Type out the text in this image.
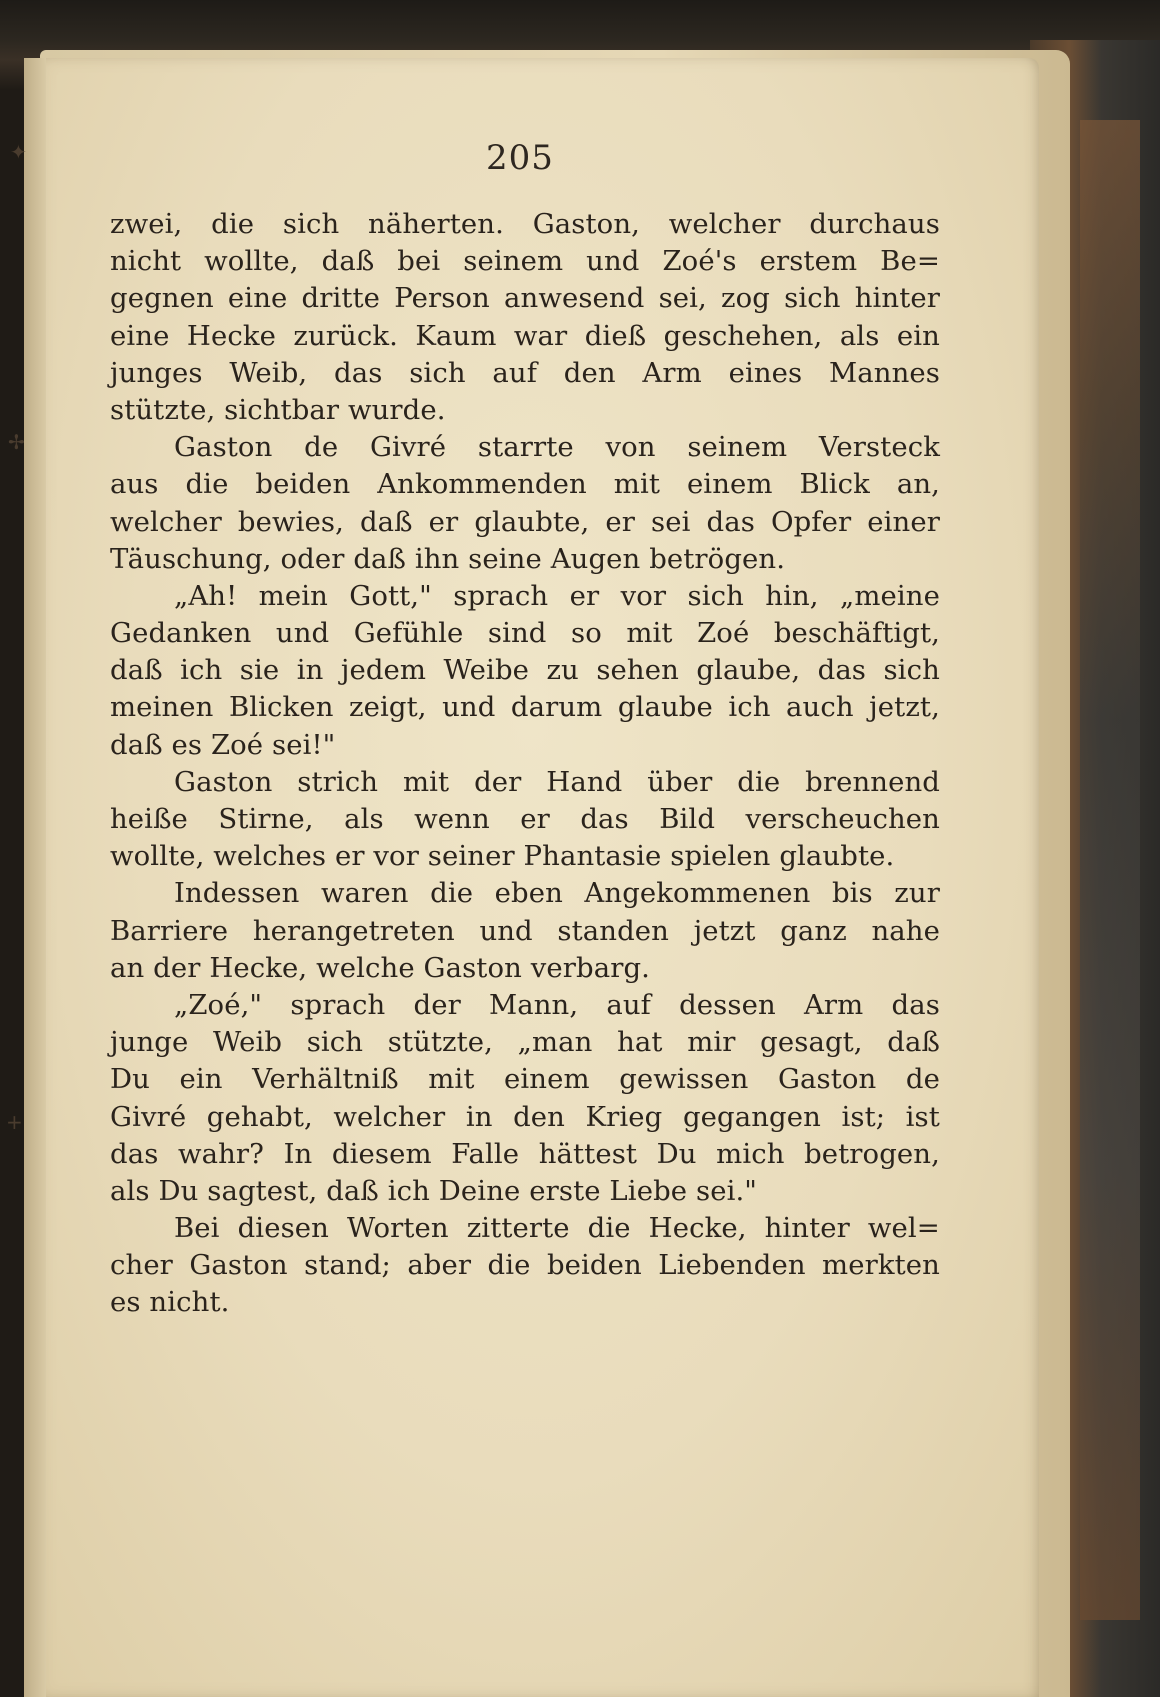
205
zwei, die sich näherten. Gaston, welcher durchaus
nicht wollte, daß bei seinem und Zoé's erstem Be=
gegnen eine dritte Person anwesend sei, zog sich hinter
eine Hecke zurück. Kaum war dieß geschehen, als ein
junges Weib, das sich auf den Arm eines Mannes
stützte, sichtbar wurde.
Gaston de Givré starrte von seinem Versteck
aus die beiden Ankommenden mit einem Blick an,
welcher bewies, daß er glaubte, er sei das Opfer einer
Täuschung, oder daß ihn seine Augen betrögen.
„Ah! mein Gott," sprach er vor sich hin, „meine
Gedanken und Gefühle sind so mit Zoé beschäftigt,
daß ich sie in jedem Weibe zu sehen glaube, das sich
meinen Blicken zeigt, und darum glaube ich auch jetzt,
daß es Zoé sei!"
Gaston strich mit der Hand über die brennend
heiße Stirne, als wenn er das Bild verscheuchen
wollte, welches er vor seiner Phantasie spielen glaubte.
Indessen waren die eben Angekommenen bis zur
Barriere herangetreten und standen jetzt ganz nahe
an der Hecke, welche Gaston verbarg.
„Zoé," sprach der Mann, auf dessen Arm das
junge Weib sich stützte, „man hat mir gesagt, daß
Du ein Verhältniß mit einem gewissen Gaston de
Givré gehabt, welcher in den Krieg gegangen ist; ist
das wahr? In diesem Falle hättest Du mich betrogen,
als Du sagtest, daß ich Deine erste Liebe sei."
Bei diesen Worten zitterte die Hecke, hinter wel=
cher Gaston stand; aber die beiden Liebenden merkten
es nicht.
✦
✢
+
